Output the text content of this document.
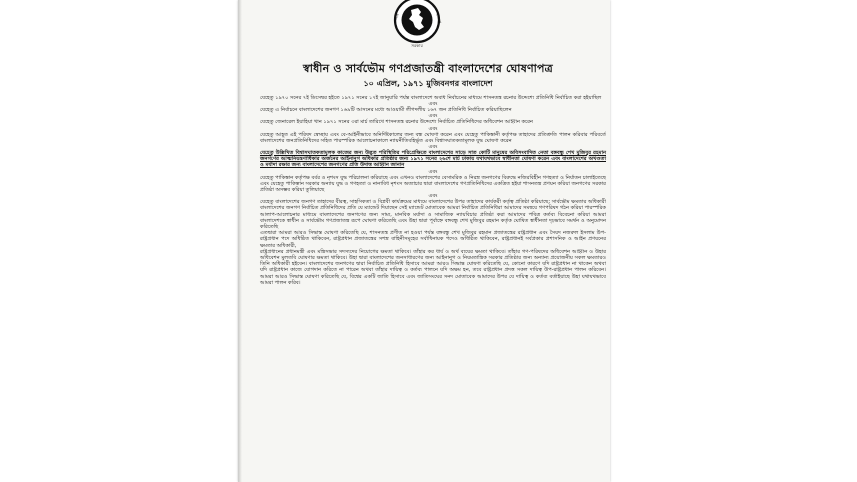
সরকার	প্রজাতন্ত্র
সরকার
স্বাধীন ও সার্বভৌম গণপ্রজাতন্ত্রী বাংলাদেশের ঘোষণাপত্র
১০ এপ্রিল, ১৯৭১ মুজিবনগর বাংলাদেশ

যেহেতু ১৯৭০ সনের ৭ই ডিসেম্বর হইতে ১৯৭১ সনের ১৭ই জানুয়ারি পর্যন্ত বাংলাদেশে অবাধ নির্বাচনের মাধ্যমে শাসনতন্ত্র রচনার উদ্দেশ্যে প্রতিনিধি নির্বাচিত করা হইয়াছিল

এবং

যেহেতু এ নির্বাচনে বাংলাদেশের জনগণ ১৬৯টি আসনের মধ্যে আওয়ামী লীগদলীয় ১৬৭ জন প্রতিনিধি নির্বাচিত করিয়াছিলেন

এবং

যেহেতু জেনারেল ইয়াহিয়া খান ১৯৭১ সনের ৩রা মার্চ তারিখে শাসনতন্ত্র রচনার উদ্দেশ্যে নির্বাচিত প্রতিনিধিদের অধিবেশন আহ্বান করেন

এবং

যেহেতু আহূত এই পরিষদ স্বেচ্ছায় এবং বে-আইনীভাবে অনির্দিষ্টকালের জন্য বন্ধ ঘোষণা করেন এবং যেহেতু পাকিস্তানী কর্তৃপক্ষ তাহাদের প্রতিশ্রুতি পালন করিবার পরিবর্তে বাংলাদেশের জনপ্রতিনিধিদের সহিত পারস্পরিক আলোচনাকালে ন্যায়নীতিবহির্ভূত এবং বিশ্বাসঘাতকতামূলক যুদ্ধ ঘোষণা করেন

এবং

যেহেতু উল্লিখিত বিশ্বাসঘাতকতামূলক কাজের জন্য উদ্ভূত পরিস্থিতির পরিপ্রেক্ষিতে বাংলাদেশের সাড়ে সাত কোটি মানুষের অবিসংবাদিত নেতা বঙ্গবন্ধু শেখ মুজিবুর রহমান জনগণের আত্মনিয়ন্ত্রণাধিকার অর্জনের আইনানুগ অধিকার প্রতিষ্ঠার জন্য ১৯৭১ সনের ২৬শে মার্চ ঢাকায় যথাযথভাবে স্বাধীনতা ঘোষণা করেন এবং বাংলাদেশের অখণ্ডতা ও মর্যাদা রক্ষার জন্য বাংলাদেশের জনগণের প্রতি উদাত্ত আহ্বান জানান

এবং

যেহেতু পাকিস্তান কর্তৃপক্ষ বর্বর ও নৃশংস যুদ্ধ পরিচালনা করিয়াছে এবং এখনও বাংলাদেশের বেসামরিক ও নিরস্ত্র জনগণের বিরুদ্ধে নজিরবিহীন গণহত্যা ও নির্যাতন চালাইতেছে এবং যেহেতু পাকিস্তান সরকার অন্যায় যুদ্ধ ও গণহত্যা ও নানাবিধ নৃশংস অত্যাচার দ্বারা বাংলাদেশের গণপ্রতিনিধিদের একত্রিত হইয়া শাসনতন্ত্র প্রণয়ন করিয়া জনগণের সরকার প্রতিষ্ঠা অসম্ভব করিয়া তুলিয়াছে

এবং

যেহেতু বাংলাদেশের জনগণ তাহাদের বীরত্ব, সাহসিকতা ও বিপ্লবী কার্যক্রমের মাধ্যমে বাংলাদেশের উপর তাহাদের কার্যকরী কর্তৃত্ব প্রতিষ্ঠা করিয়াছে; সার্বভৌম ক্ষমতার অধিকারী বাংলাদেশের জনগণ নির্বাচিত প্রতিনিধিদের প্রতি যে ম্যান্ডেট দিয়াছেন সেই ম্যান্ডেট মোতাবেক আমরা নির্বাচিত প্রতিনিধিরা আমাদের সমন্বয়ে গণপরিষদ গঠন করিয়া পারস্পরিক আলাপ-আলোচনার মাধ্যমে বাংলাদেশের জনগণের জন্য সাম্য, মানবিক মর্যাদা ও সামাজিক ন্যায়বিচার প্রতিষ্ঠা করা আমাদের পবিত্র কর্তব্য বিবেচনা করিয়া আমরা বাংলাদেশকে স্বাধীন ও সার্বভৌম গণপ্রজাতন্ত্র রূপে ঘোষণা করিতেছি এবং উহা দ্বারা পূর্বাহ্নে বঙ্গবন্ধু শেখ মুজিবুর রহমান কর্তৃক ঘোষিত স্বাধীনতা দৃঢ়ভাবে সমর্থন ও অনুমোদন করিতেছি

এতদ্বারা আমরা আরও সিদ্ধান্ত ঘোষণা করিতেছি যে, শাসনতন্ত্র প্রণীত না হওয়া পর্যন্ত বঙ্গবন্ধু শেখ মুজিবুর রহমান প্রজাতন্ত্রের রাষ্ট্রপ্রধান এবং সৈয়দ নজরুল ইসলাম উপ-রাষ্ট্রপ্রধান পদে অধিষ্ঠিত থাকিবেন, রাষ্ট্রপ্রধান প্রজাতন্ত্রের সশস্ত্র বাহিনীসমূহের সর্বাধিনায়ক পদেও অধিষ্ঠিত থাকিবেন, রাষ্ট্রপ্রধানই সর্বপ্রকার প্রশাসনিক ও আইন প্রণয়নের ক্ষমতার অধিকারী,

রাষ্ট্রপ্রধানের প্রধানমন্ত্রী এবং মন্ত্রিসভার সদস্যদের নিয়োগের ক্ষমতা থাকিবে। তাঁহার কর ধার্য ও অর্থ ব্যয়ের ক্ষমতা থাকিবে। তাঁহার গণ-পরিষদের অধিবেশন আহ্বান ও উহার অধিবেশন মুলতবি ঘোষণার ক্ষমতা থাকিবে। উহা দ্বারা বাংলাদেশের জনসাধারণের জন্য আইনানুগ ও নিয়মতান্ত্রিক সরকার প্রতিষ্ঠার জন্য অন্যান্য প্রয়োজনীয় সকল ক্ষমতারও তিনি অধিকারী হইবেন। বাংলাদেশের জনগণের দ্বারা নির্বাচিত প্রতিনিধি হিসাবে আমরা আরও সিদ্ধান্ত ঘোষণা করিতেছি যে, কোনো কারণে যদি রাষ্ট্রপ্রধান না থাকেন অথবা যদি রাষ্ট্রপ্রধান কাজে যোগদান করিতে না পারেন অথবা তাঁহার দায়িত্ব ও কর্তব্য পালনে যদি অক্ষম হন, তবে রাষ্ট্রপ্রধান প্রদত্ত সকল দায়িত্ব উপ-রাষ্ট্রপ্রধান পালন করিবেন। আমরা আরও সিদ্ধান্ত ঘোষণা করিতেছি যে, বিশ্বের একটি জাতি হিসাবে এবং জাতিসংঘের সনদ মোতাবেক আমাদের উপর যে দায়িত্ব ও কর্তব্য বর্তাইয়াছে উহা যথাযথভাবে আমরা পালন করিব।
